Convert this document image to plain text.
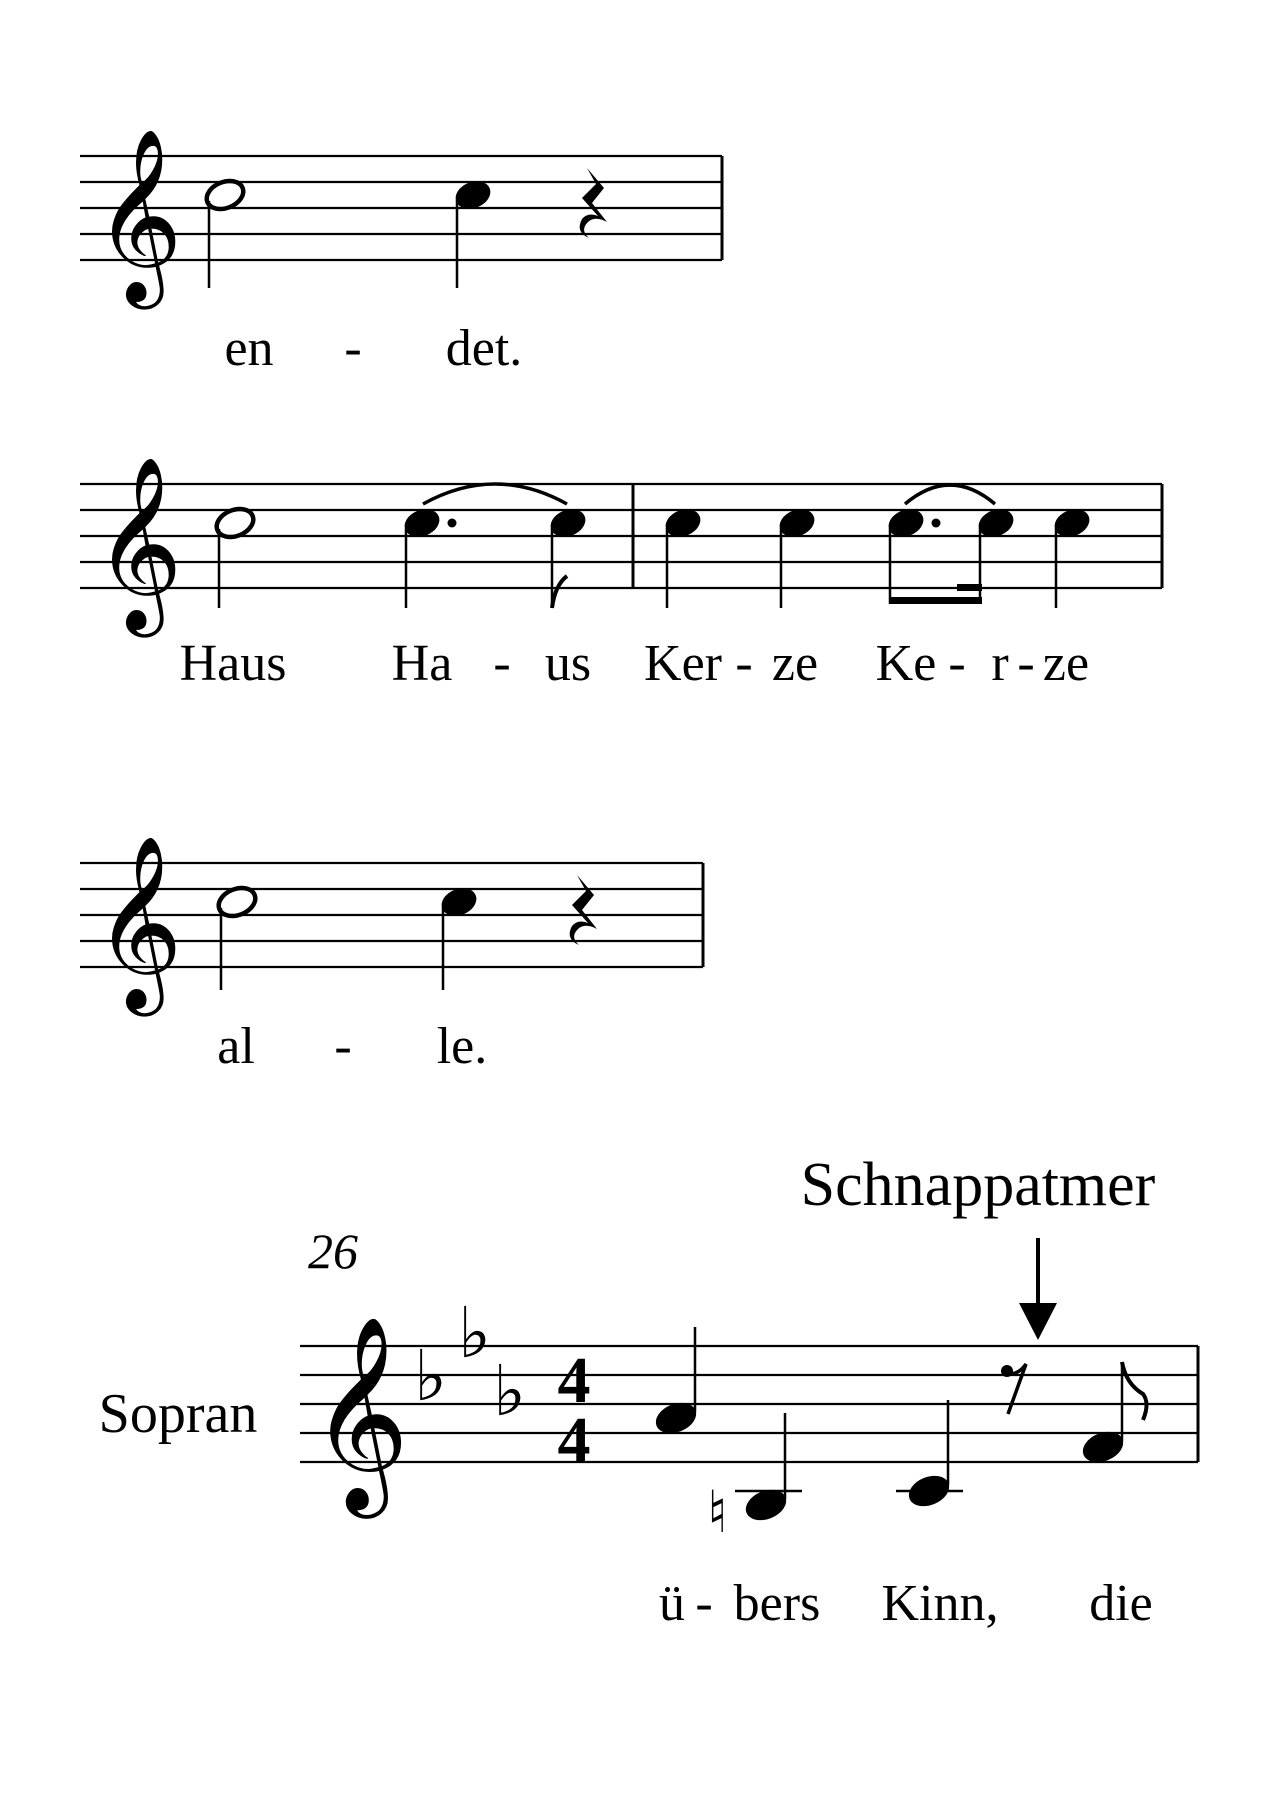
𝄞
en - det.
𝄞
Haus Ha - us Ker - ze Ke - r - ze
𝄞
al - le.
Schnappatmer
26
Sopran 𝄞 ♭
♭ ♭ 4
4
♮
ü - bers Kinn, die
